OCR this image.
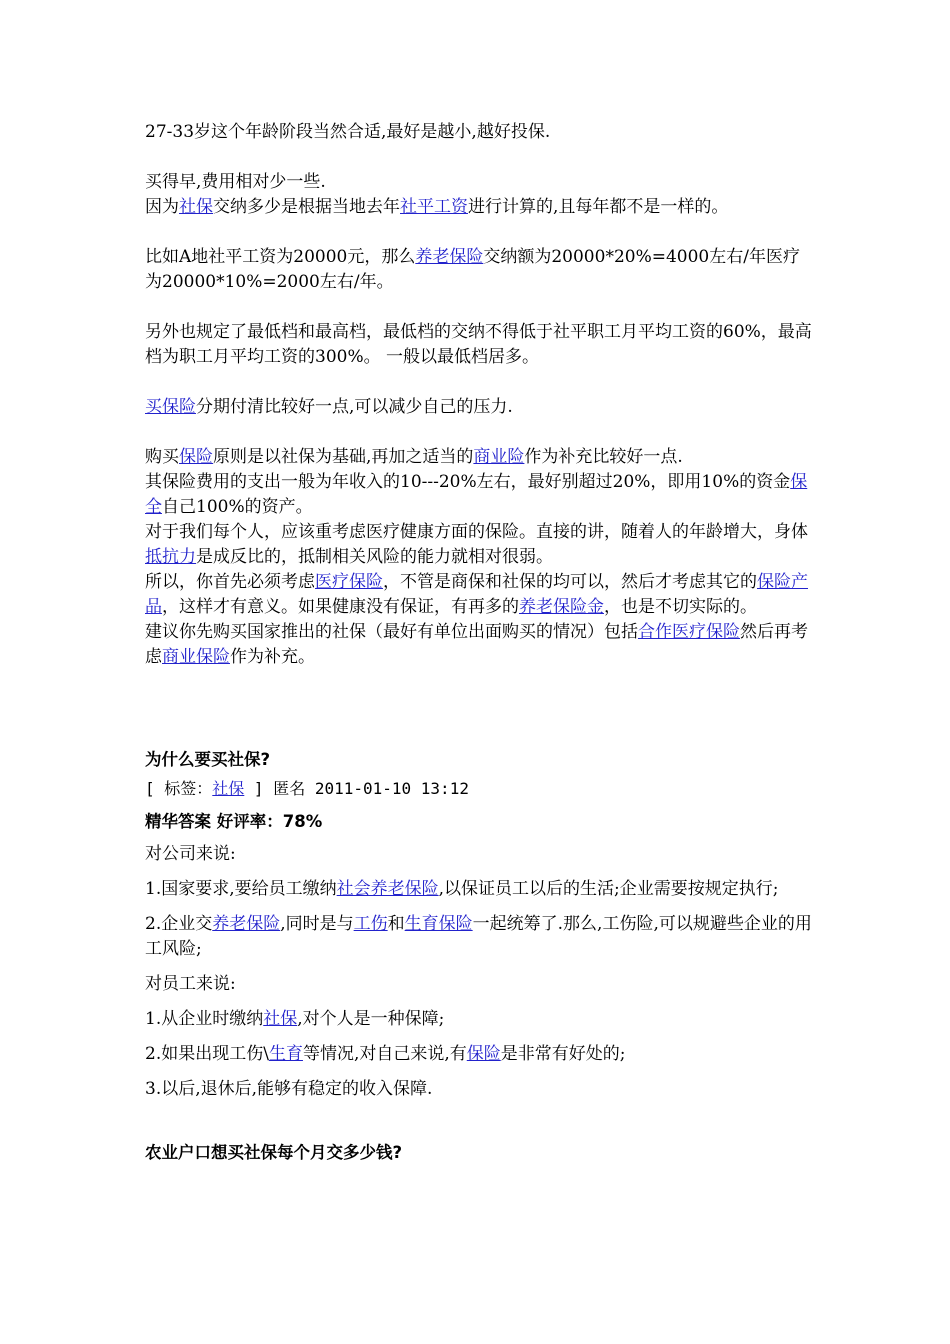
27-33岁这个年龄阶段当然合适,最好是越小,越好投保.

买得早,费用相对少一些.

因为社保交纳多少是根据当地去年社平工资进行计算的,且每年都不是一样的。

比如A地社平工资为20000元，那么养老保险交纳额为20000*20%=4000左右/年医疗为20000*10%=2000左右/年。

另外也规定了最低档和最高档，最低档的交纳不得低于社平职工月平均工资的60%，最高档为职工月平均工资的300%。 一般以最低档居多。

买保险分期付清比较好一点,可以减少自己的压力.

购买保险原则是以社保为基础,再加之适当的商业险作为补充比较好一点.

其保险费用的支出一般为年收入的10---20%左右，最好别超过20%，即用10%的资金保全自己100%的资产。

对于我们每个人，应该重考虑医疗健康方面的保险。直接的讲，随着人的年龄增大，身体抵抗力是成反比的，抵制相关风险的能力就相对很弱。

所以，你首先必须考虑医疗保险，不管是商保和社保的均可以，然后才考虑其它的保险产品，这样才有意义。如果健康没有保证，有再多的养老保险金，也是不切实际的。

建议你先购买国家推出的社保（最好有单位出面购买的情况）包括合作医疗保险然后再考虑商业保险作为补充。

为什么要买社保?

[ 标签：社保 ] 匿名 2011-01-10 13:12

精华答案 好评率：78%

对公司来说:

1.国家要求,要给员工缴纳社会养老保险,以保证员工以后的生活;企业需要按规定执行;

2.企业交养老保险,同时是与工伤和生育保险一起统筹了.那么,工伤险,可以规避些企业的用工风险;

对员工来说:

1.从企业时缴纳社保,对个人是一种保障;

2.如果出现工伤\生育等情况,对自己来说,有保险是非常有好处的;

3.以后,退休后,能够有稳定的收入保障.

农业户口想买社保每个月交多少钱?
